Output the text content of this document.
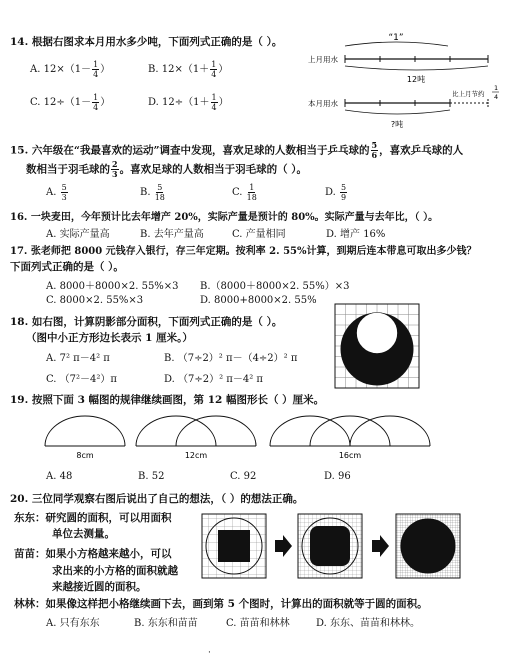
14. 根据右图求本月用水多少吨，下面列式正确的是（ ）。
A. $12\times(1- \frac{1}{4}$ ）	B. $12\times(1+ \frac{1}{4}$ ）
C. $12\div(1- \frac{1}{4}$ ）	D. $12\div(1+ \frac{1}{4}$ ）
“1”
上月用水
12吨
本月用水
比上月节约
1
4
?吨
15. 六年级在“我最喜欢的运动”调查中发现，喜欢足球的人数相当于乒乓球的 $\frac{5}{6}$ ，喜欢乒乓球的人
数相当于羽毛球的 $\frac{2}{3}$ 。喜欢足球的人数相当于羽毛球的（ ）。
A. $\frac{5}{3}$	B. $\frac{5}{18}$	C. $\frac{1}{18}$	D. $\frac{5}{9}$
16. 一块麦田，今年预计比去年增产 20%，实际产量是预计的 80%。实际产量与去年比，（ ）。
A. 实际产量高	B. 去年产量高	C. 产量相同	D. 增产 16%
17. 张老师把 8000 元钱存入银行，存三年定期。按利率 2. 55%计算，到期后连本带息可取出多少钱？
下面列式正确的是（ ）。
A. 8000＋8000×2. 55%×3 B.（8000＋8000×2. 55%）×3
C. 8000×2. 55%×3	D. 8000+8000×2. 55%
18. 如右图，计算阴影部分面积，下面列式正确的是（ ）。
（图中小正方形边长表示 1 厘米。）
A. 7² π－4² π	B. （7÷2）² π－（4÷2）² π
C. （7²－4²）π	D. （7÷2）² π－4² π
19. 按照下面 3 幅图的规律继续画图，第 12 幅图形长（ ）厘米。
8cm	12cm	16cm
A. 48	B. 52	C. 92	D. 96
20. 三位同学观察右图后说出了自己的想法，（ ）的想法正确。
东东：研究圆的面积，可以用面积
单位去测量。
苗苗：如果小方格越来越小，可以
求出来的小方格的面积就越
来越接近圆的面积。
林林：如果像这样把小格继续画下去，画到第 5 个图时，计算出的面积就等于圆的面积。
A. 只有东东	B. 东东和苗苗	C. 苗苗和林林	D. 东东、苗苗和林林。
·
